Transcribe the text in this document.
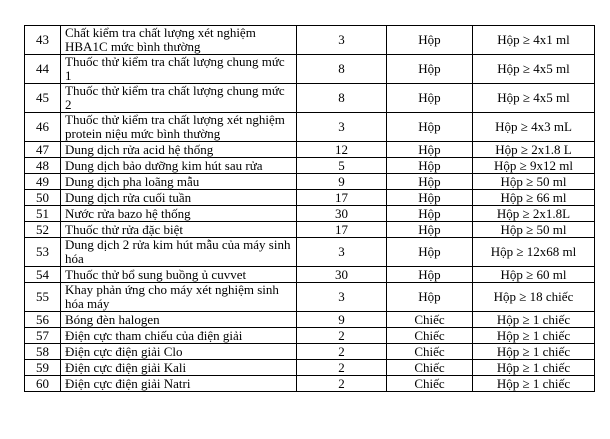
43	Chất kiểm tra chất lượng xét nghiệm HBA1C mức bình thường	3	Hộp	Hộp ≥ 4x1 ml
44	Thuốc thử kiểm tra chất lượng chung mức 1	8	Hộp	Hộp ≥ 4x5 ml
45	Thuốc thử kiểm tra chất lượng chung mức 2	8	Hộp	Hộp ≥ 4x5 ml
46	Thuốc thử kiểm tra chất lượng xét nghiệm protein niệu mức bình thường	3	Hộp	Hộp ≥ 4x3 mL
47	Dung dịch rửa acid hệ thống	12	Hộp	Hộp ≥ 2x1.8 L
48	Dung dịch bảo dưỡng kim hút sau rửa	5	Hộp	Hộp ≥ 9x12 ml
49	Dung dịch pha loãng mẫu	9	Hộp	Hộp ≥ 50 ml
50	Dung dịch rửa cuối tuần	17	Hộp	Hộp ≥ 66 ml
51	Nước rửa bazo hệ thống	30	Hộp	Hộp ≥ 2x1.8L
52	Thuốc thử rửa đặc biệt	17	Hộp	Hộp ≥ 50 ml
53	Dung dịch 2 rửa kim hút mẫu của máy sinh hóa	3	Hộp	Hộp ≥ 12x68 ml
54	Thuốc thử bổ sung buồng ủ cuvvet	30	Hộp	Hộp ≥ 60 ml
55	Khay phản ứng cho máy xét nghiệm sinh hóa máy	3	Hộp	Hộp ≥ 18 chiếc
56	Bóng đèn halogen	9	Chiếc	Hộp ≥ 1 chiếc
57	Điện cực tham chiếu của điện giải	2	Chiếc	Hộp ≥ 1 chiếc
58	Điện cực điện giải Clo	2	Chiếc	Hộp ≥ 1 chiếc
59	Điện cực điện giải Kali	2	Chiếc	Hộp ≥ 1 chiếc
60	Điện cực điện giải Natri	2	Chiếc	Hộp ≥ 1 chiếc
